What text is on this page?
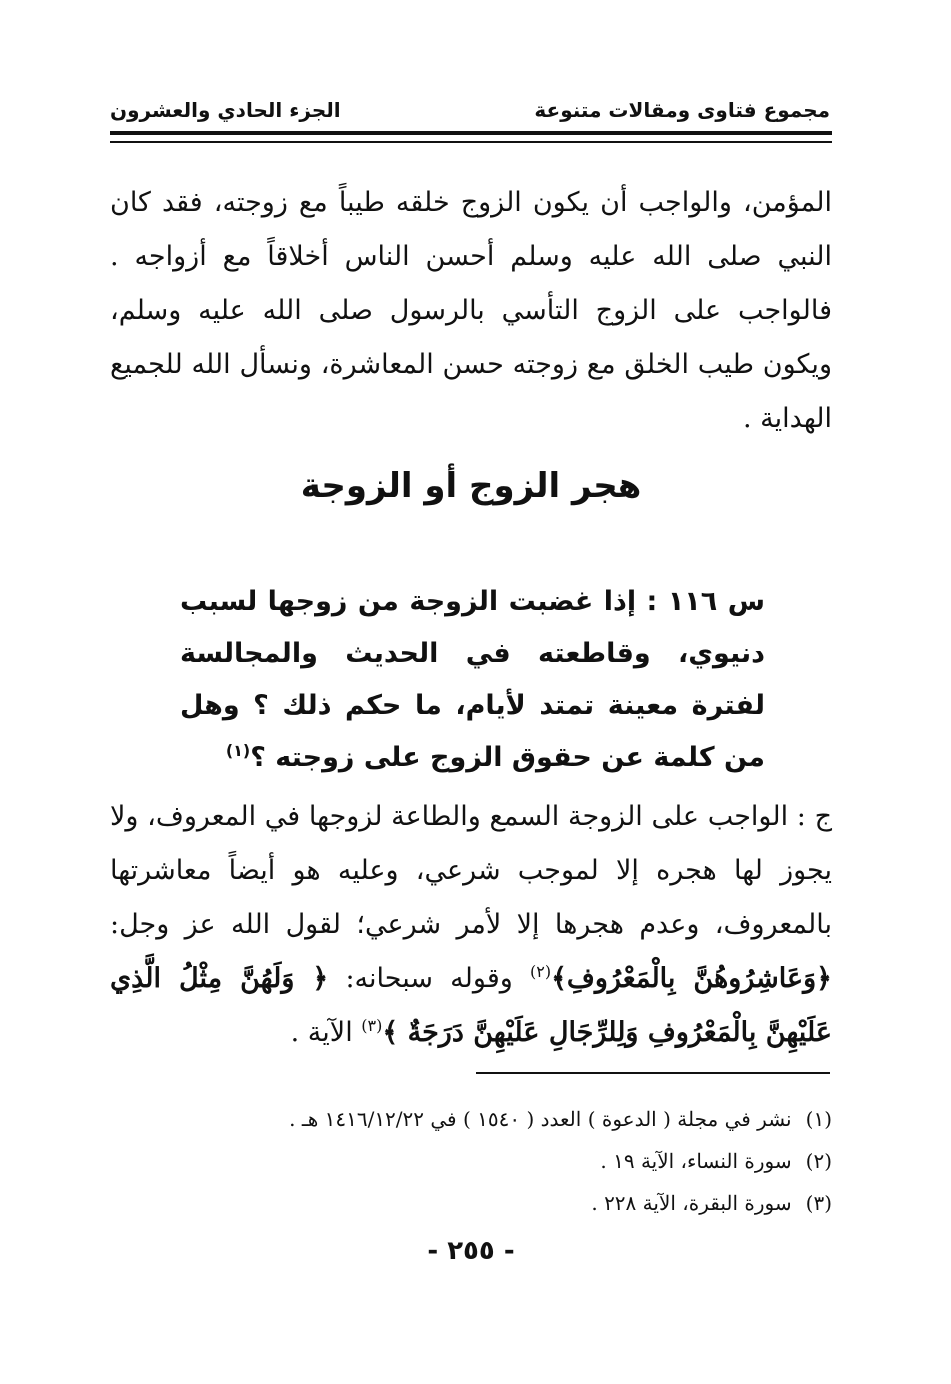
مجموع فتاوى ومقالات متنوعة
الجزء الحادي والعشرون
المؤمن، والواجب أن يكون الزوج خلقه طيباً مع زوجته، فقد كان النبي صلى الله عليه وسلم أحسن الناس أخلاقاً مع أزواجه . فالواجب على الزوج التأسي بالرسول صلى الله عليه وسلم، ويكون طيب الخلق مع زوجته حسن المعاشرة، ونسأل الله للجميع الهداية .
هجر الزوج أو الزوجة
س ١١٦ : إذا غضبت الزوجة من زوجها لسبب دنيوي، وقاطعته في الحديث والمجالسة لفترة معينة تمتد لأيام، ما حكم ذلك ؟ وهل من كلمة عن حقوق الزوج على زوجته ؟$^{(١)}$
ج : الواجب على الزوجة السمع والطاعة لزوجها في المعروف، ولا يجوز لها هجره إلا لموجب شرعي، وعليه هو أيضاً معاشرتها بالمعروف، وعدم هجرها إلا لأمر شرعي؛ لقول الله عز وجل: ﴿وَعَاشِرُوهُنَّ بِالْمَعْرُوفِ﴾$^{(٢)}$ وقوله سبحانه: ﴿ وَلَهُنَّ مِثْلُ الَّذِي عَلَيْهِنَّ بِالْمَعْرُوفِ وَلِلرِّجَالِ عَلَيْهِنَّ دَرَجَةٌ ﴾$^{(٣)}$ الآية .
(١)نشر في مجلة ( الدعوة ) العدد ( ١٥٤٠ ) في ١٤١٦/١٢/٢٢ هـ .
(٢)سورة النساء، الآية ١٩ .
(٣)سورة البقرة، الآية ٢٢٨ .
- ٢٥٥ -
